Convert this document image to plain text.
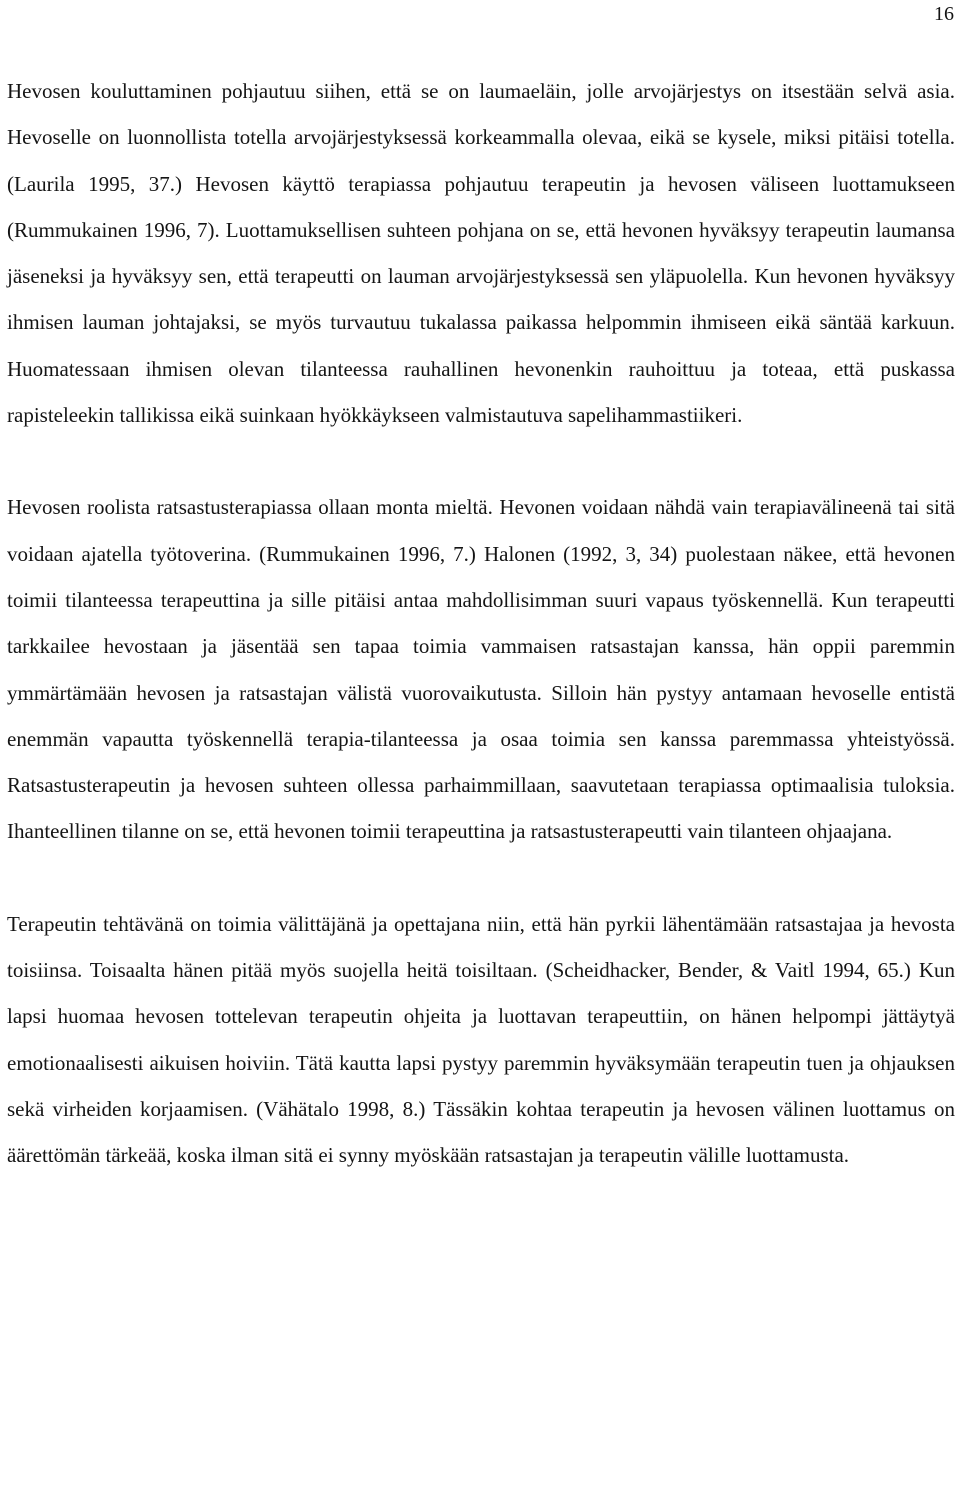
16

Hevosen kouluttaminen pohjautuu siihen, että se on laumaeläin, jolle arvojärjestys on itsestään selvä asia. Hevoselle on luonnollista totella arvojärjestyksessä korkeammalla olevaa, eikä se kysele, miksi pitäisi totella. (Laurila 1995, 37.) Hevosen käyttö terapiassa pohjautuu terapeutin ja hevosen väliseen luottamukseen (Rummukainen 1996, 7). Luottamuksellisen suhteen pohjana on se, että hevonen hyväksyy terapeutin laumansa jäseneksi ja hyväksyy sen, että terapeutti on lauman arvojärjestyksessä sen yläpuolella. Kun hevonen hyväksyy ihmisen lauman johtajaksi, se myös turvautuu tukalassa paikassa helpommin ihmiseen eikä säntää karkuun. Huomatessaan ihmisen olevan tilanteessa rauhallinen hevonenkin rauhoittuu ja toteaa, että puskassa rapisteleekin tallikissa eikä suinkaan hyökkäykseen valmistautuva sapelihammastiikeri.

Hevosen roolista ratsastusterapiassa ollaan monta mieltä. Hevonen voidaan nähdä vain terapiavälineenä tai sitä voidaan ajatella työtoverina. (Rummukainen 1996, 7.) Halonen (1992, 3, 34) puolestaan näkee, että hevonen toimii tilanteessa terapeuttina ja sille pitäisi antaa mahdollisimman suuri vapaus työskennellä. Kun terapeutti tarkkailee hevostaan ja jäsentää sen tapaa toimia vammaisen ratsastajan kanssa, hän oppii paremmin ymmärtämään hevosen ja ratsastajan välistä vuorovaikutusta. Silloin hän pystyy antamaan hevoselle entistä enemmän vapautta työskennellä terapia-tilanteessa ja osaa toimia sen kanssa paremmassa yhteistyössä. Ratsastusterapeutin ja hevosen suhteen ollessa parhaimmillaan, saavutetaan terapiassa optimaalisia tuloksia. Ihanteellinen tilanne on se, että hevonen toimii terapeuttina ja ratsastusterapeutti vain tilanteen ohjaajana.

Terapeutin tehtävänä on toimia välittäjänä ja opettajana niin, että hän pyrkii lähentämään ratsastajaa ja hevosta toisiinsa. Toisaalta hänen pitää myös suojella heitä toisiltaan. (Scheidhacker, Bender, & Vaitl 1994, 65.) Kun lapsi huomaa hevosen tottelevan terapeutin ohjeita ja luottavan terapeuttiin, on hänen helpompi jättäytyä emotionaalisesti aikuisen hoiviin. Tätä kautta lapsi pystyy paremmin hyväksymään terapeutin tuen ja ohjauksen sekä virheiden korjaamisen. (Vähätalo 1998, 8.) Tässäkin kohtaa terapeutin ja hevosen välinen luottamus on äärettömän tärkeää, koska ilman sitä ei synny myöskään ratsastajan ja terapeutin välille luottamusta.
